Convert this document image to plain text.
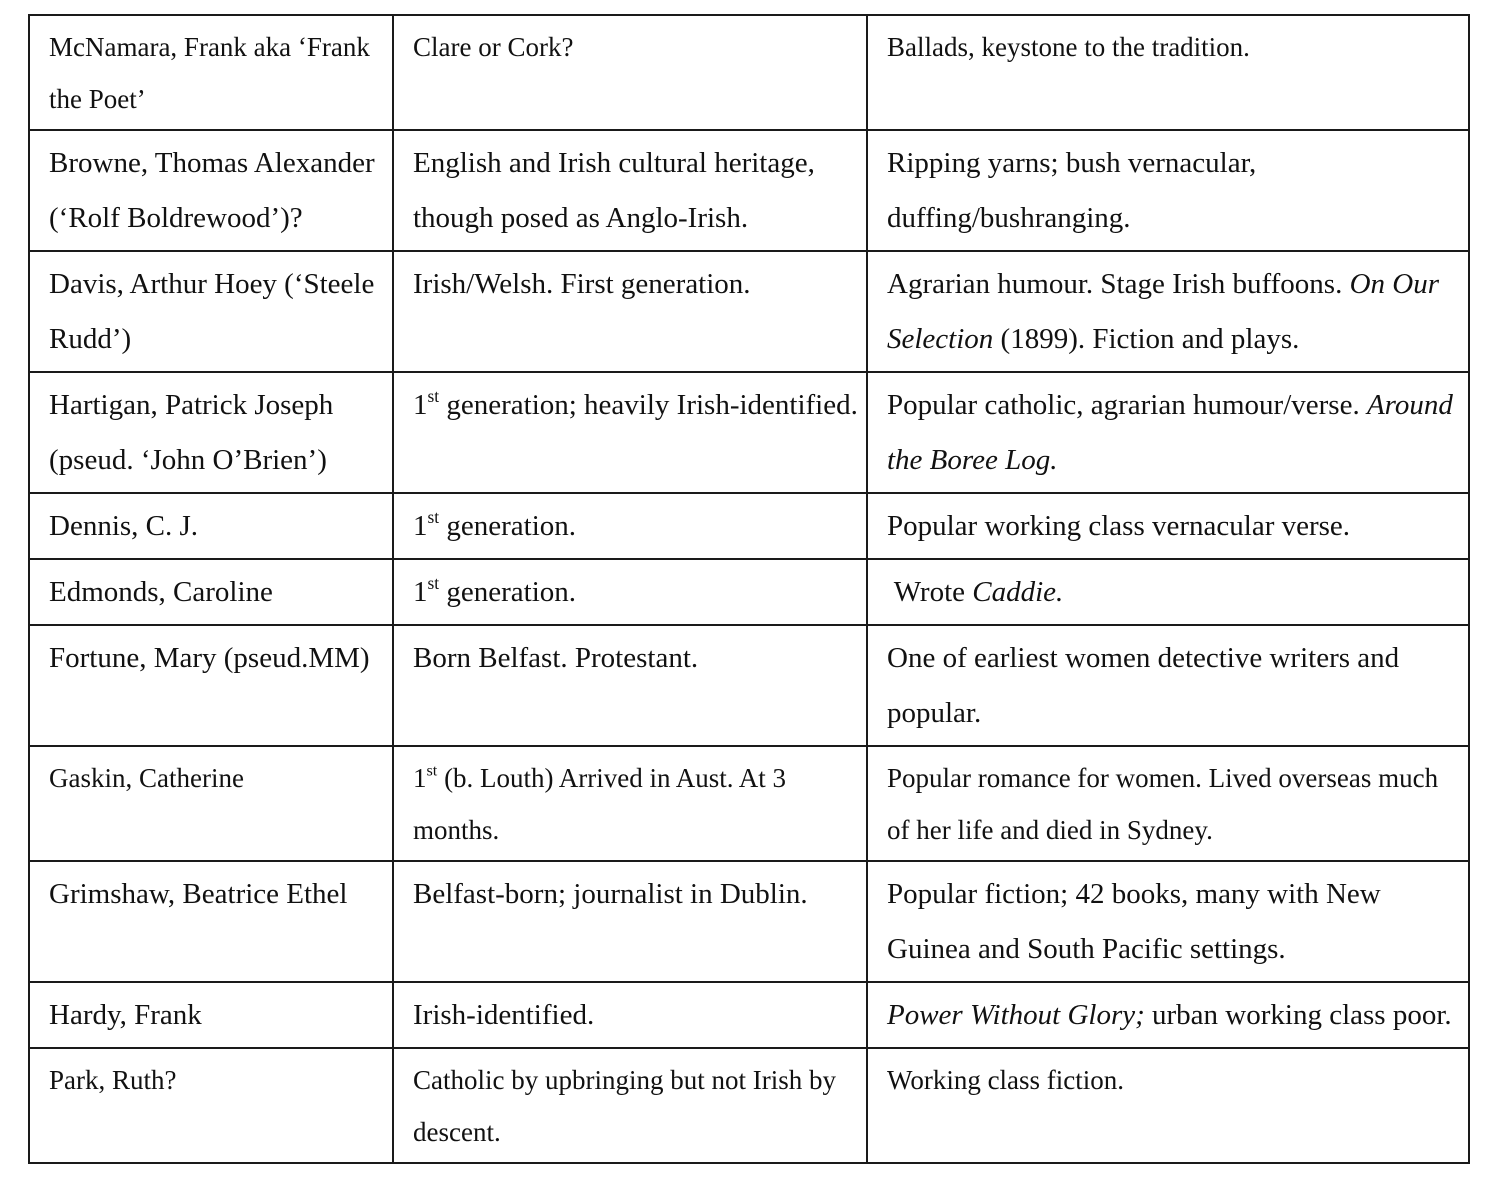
McNamara, Frank aka ‘Frank the Poet’	Clare or Cork?	Ballads, keystone to the tradition.
Browne, Thomas Alexander (‘Rolf Boldrewood’)?	English and Irish cultural heritage, though posed as Anglo-Irish.	Ripping yarns; bush vernacular, duffing/bushranging.
Davis, Arthur Hoey (‘Steele Rudd’)	Irish/Welsh. First generation.	Agrarian humour. Stage Irish buffoons. On Our Selection (1899). Fiction and plays.
Hartigan, Patrick Joseph (pseud. ‘John O’Brien’)	1st generation; heavily Irish-identified.	Popular catholic, agrarian humour/verse. Around the Boree Log.
Dennis, C. J.	1st generation.	Popular working class vernacular verse.
Edmonds, Caroline	1st generation.	Wrote Caddie.
Fortune, Mary (pseud.MM)	Born Belfast. Protestant.	One of earliest women detective writers and popular.
Gaskin, Catherine	1st (b. Louth) Arrived in Aust. At 3 months.	Popular romance for women. Lived overseas much of her life and died in Sydney.
Grimshaw, Beatrice Ethel	Belfast-born; journalist in Dublin.	Popular fiction; 42 books, many with New Guinea and South Pacific settings.
Hardy, Frank	Irish-identified.	Power Without Glory; urban working class poor.
Park, Ruth?	Catholic by upbringing but not Irish by descent.	Working class fiction.
